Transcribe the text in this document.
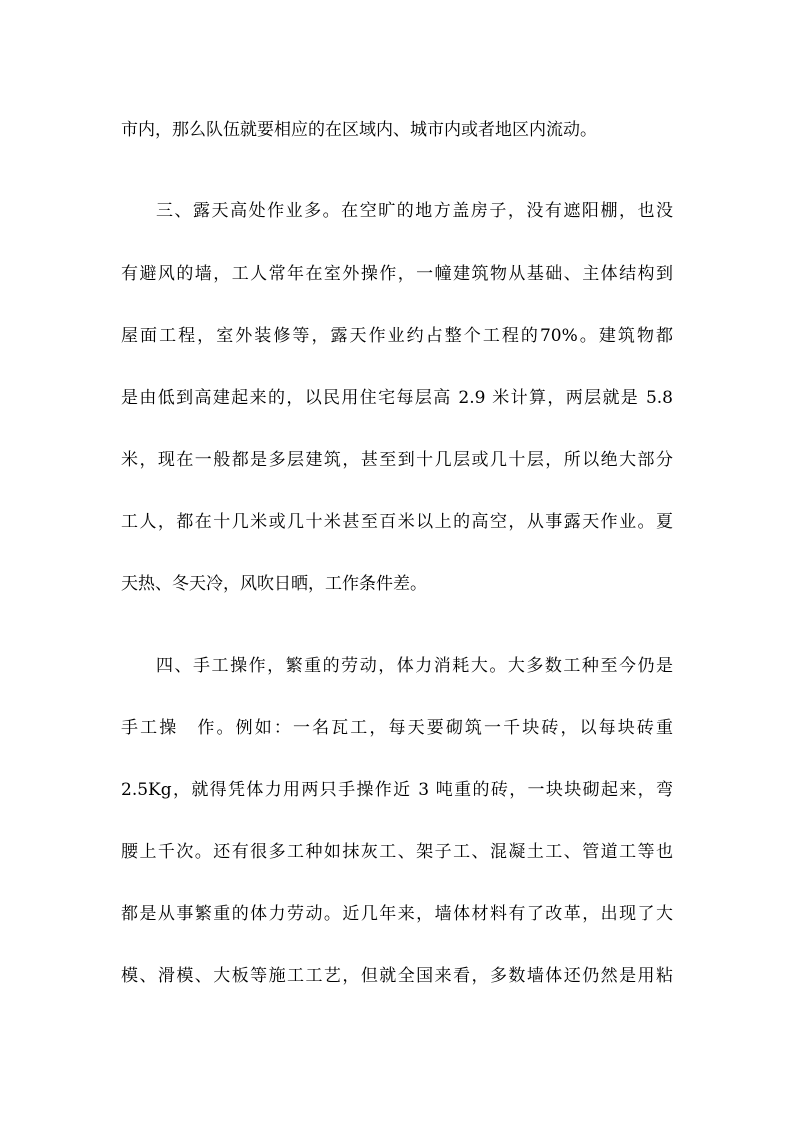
市内，那么队伍就要相应的在区域内、城市内或者地区内流动。
三、露天高处作业多。在空旷的地方盖房子，没有遮阳棚，也没
有避风的墙，工人常年在室外操作，一幢建筑物从基础、主体结构到
屋面工程，室外装修等，露天作业约占整个工程的70%。建筑物都
是由低到高建起来的，以民用住宅每层高 2.9 米计算，两层就是 5.8
米，现在一般都是多层建筑，甚至到十几层或几十层，所以绝大部分
工人，都在十几米或几十米甚至百米以上的高空，从事露天作业。夏
天热、冬天冷，风吹日晒，工作条件差。
四、手工操作，繁重的劳动，体力消耗大。大多数工种至今仍是
手工操　作。例如：一名瓦工，每天要砌筑一千块砖，以每块砖重
2.5Kg，就得凭体力用两只手操作近 3 吨重的砖，一块块砌起来，弯
腰上千次。还有很多工种如抹灰工、架子工、混凝土工、管道工等也
都是从事繁重的体力劳动。近几年来，墙体材料有了改革，出现了大
模、滑模、大板等施工工艺，但就全国来看，多数墙体还仍然是用粘
